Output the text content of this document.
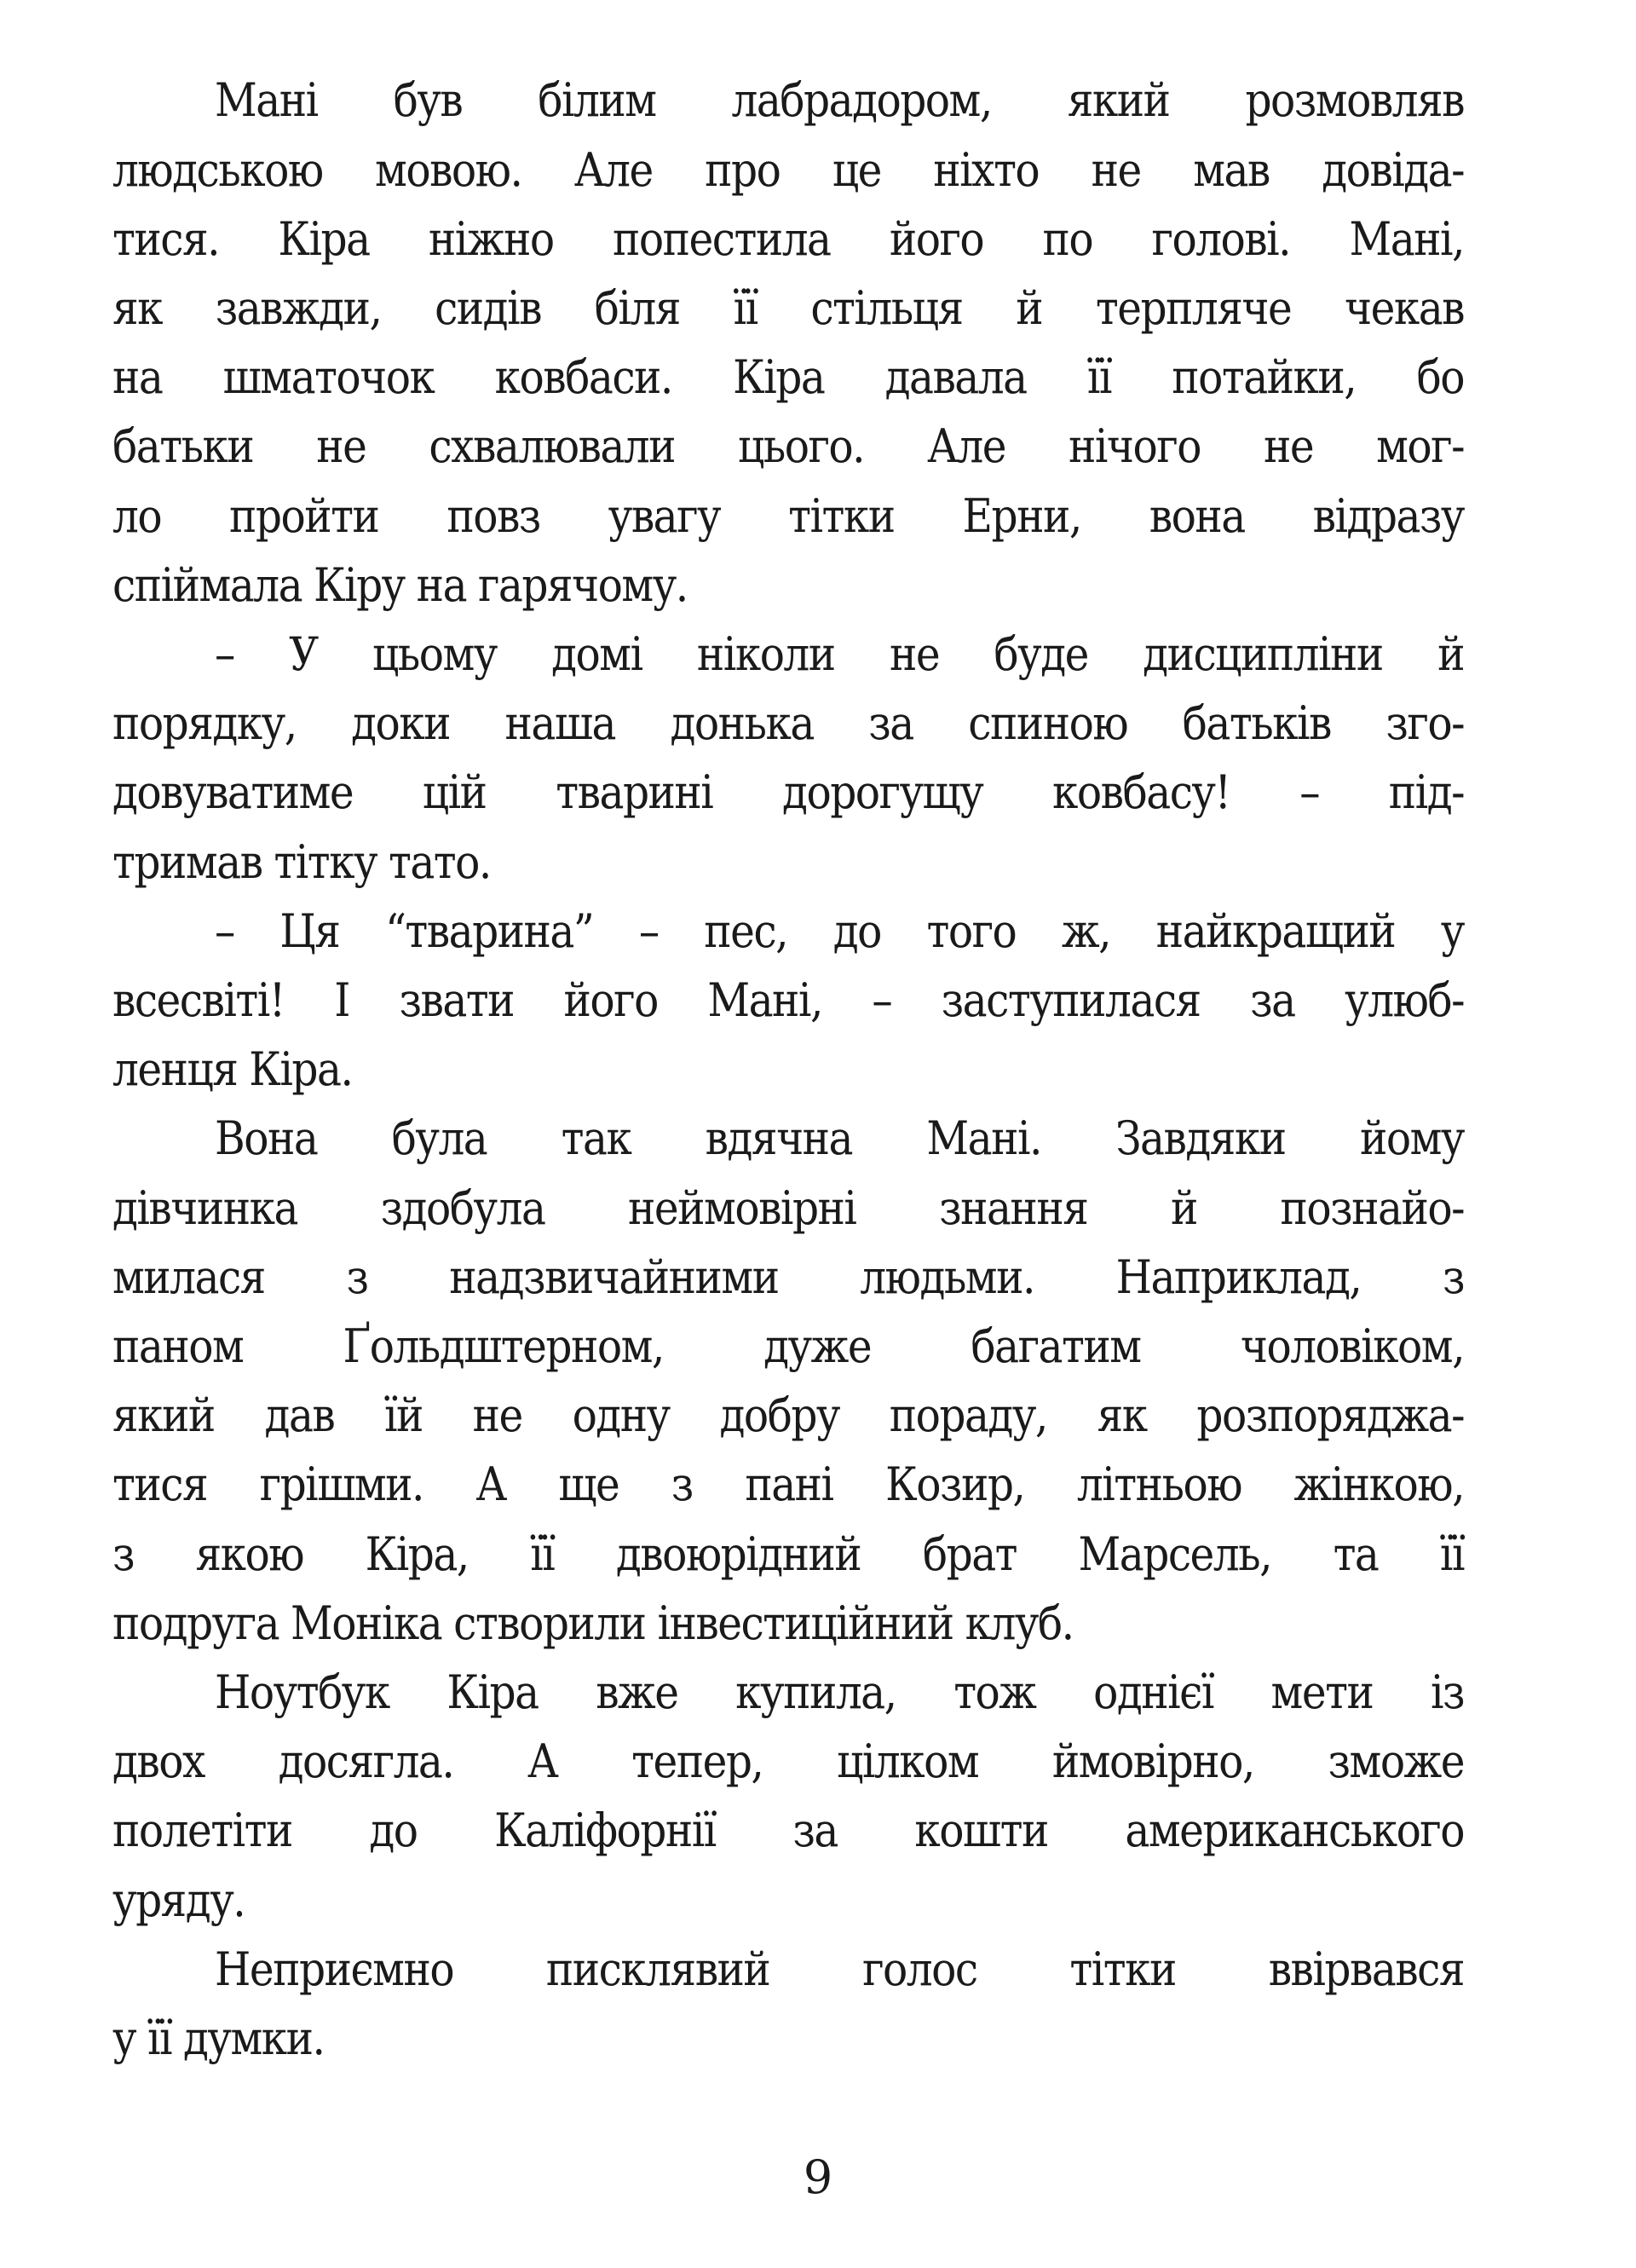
Мані був білим лабрадором, який розмовляв
людською мовою. Але про це ніхто не мав довіда-
тися. Кіра ніжно попестила його по голові. Мані,
як завжди, сидів біля її стільця й терпляче чекав
на шматочок ковбаси. Кіра давала її потайки, бо
батьки не схвалювали цього. Але нічого не мог-
ло пройти повз увагу тітки Ерни, вона відразу
спіймала Кіру на гарячому.
– У цьому домі ніколи не буде дисципліни й
порядку, доки наша донька за спиною батьків зго-
довуватиме цій тварині дорогущу ковбасу! – під-
тримав тітку тато.
– Ця “тварина” – пес, до того ж, найкращий у
всесвіті! І звати його Мані, – заступилася за улюб-
ленця Кіра.
Вона була так вдячна Мані. Завдяки йому
дівчинка здобула неймовірні знання й познайо-
милася з надзвичайними людьми. Наприклад, з
паном Ґольдштерном, дуже багатим чоловіком,
який дав їй не одну добру пораду, як розпоряджа-
тися грішми. А ще з пані Козир, літньою жінкою,
з якою Кіра, її двоюрідний брат Марсель, та її
подруга Моніка створили інвестиційний клуб.
Ноутбук Кіра вже купила, тож однієї мети із
двох досягла. А тепер, цілком ймовірно, зможе
полетіти до Каліфорнії за кошти американського
уряду.
Неприємно писклявий голос тітки ввірвався
у її думки.
9
